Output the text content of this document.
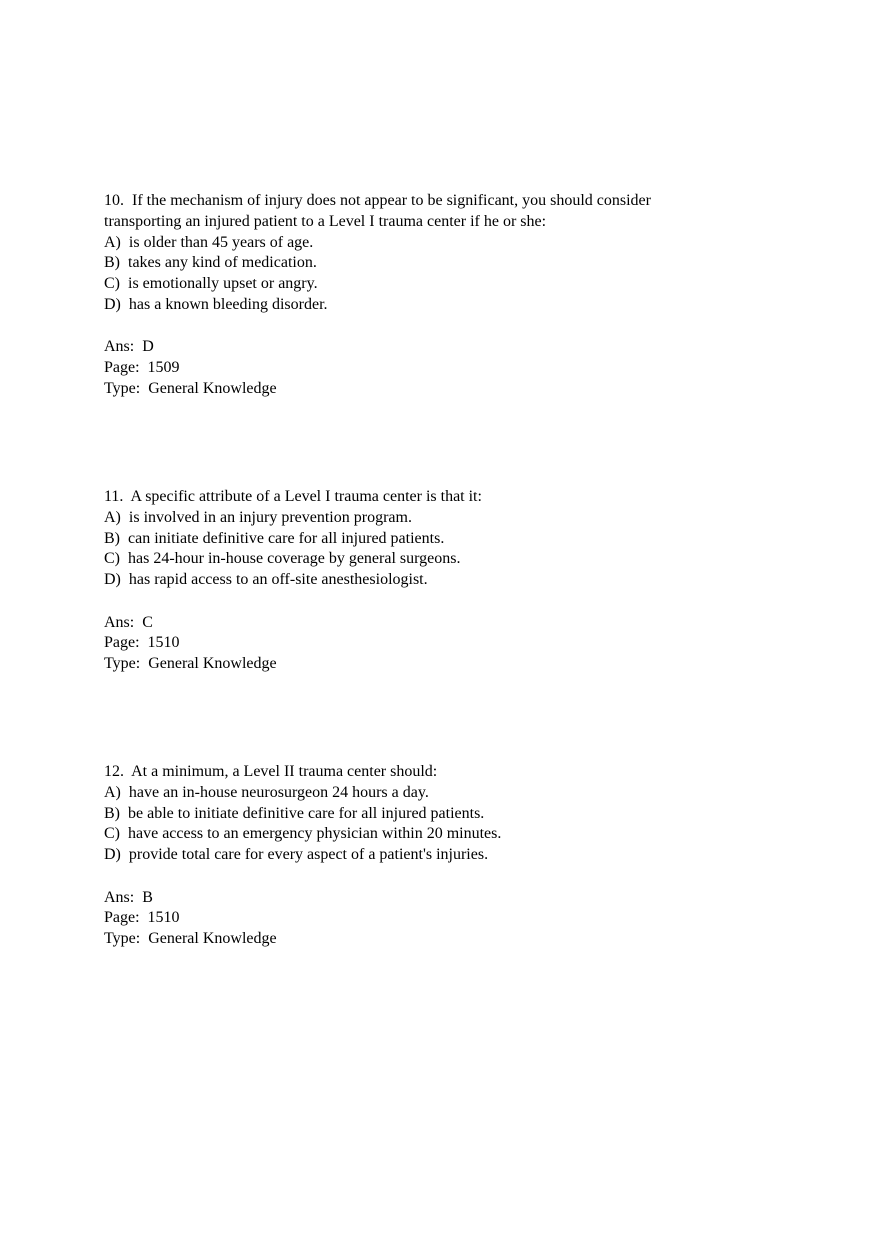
10. If the mechanism of injury does not appear to be significant, you should consider
transporting an injured patient to a Level I trauma center if he or she:
A) is older than 45 years of age.
B) takes any kind of medication.
C) is emotionally upset or angry.
D) has a known bleeding disorder.
Ans: D
Page: 1509
Type: General Knowledge
11. A specific attribute of a Level I trauma center is that it:
A) is involved in an injury prevention program.
B) can initiate definitive care for all injured patients.
C) has 24-hour in-house coverage by general surgeons.
D) has rapid access to an off-site anesthesiologist.
Ans: C
Page: 1510
Type: General Knowledge
12. At a minimum, a Level II trauma center should:
A) have an in-house neurosurgeon 24 hours a day.
B) be able to initiate definitive care for all injured patients.
C) have access to an emergency physician within 20 minutes.
D) provide total care for every aspect of a patient's injuries.
Ans: B
Page: 1510
Type: General Knowledge
